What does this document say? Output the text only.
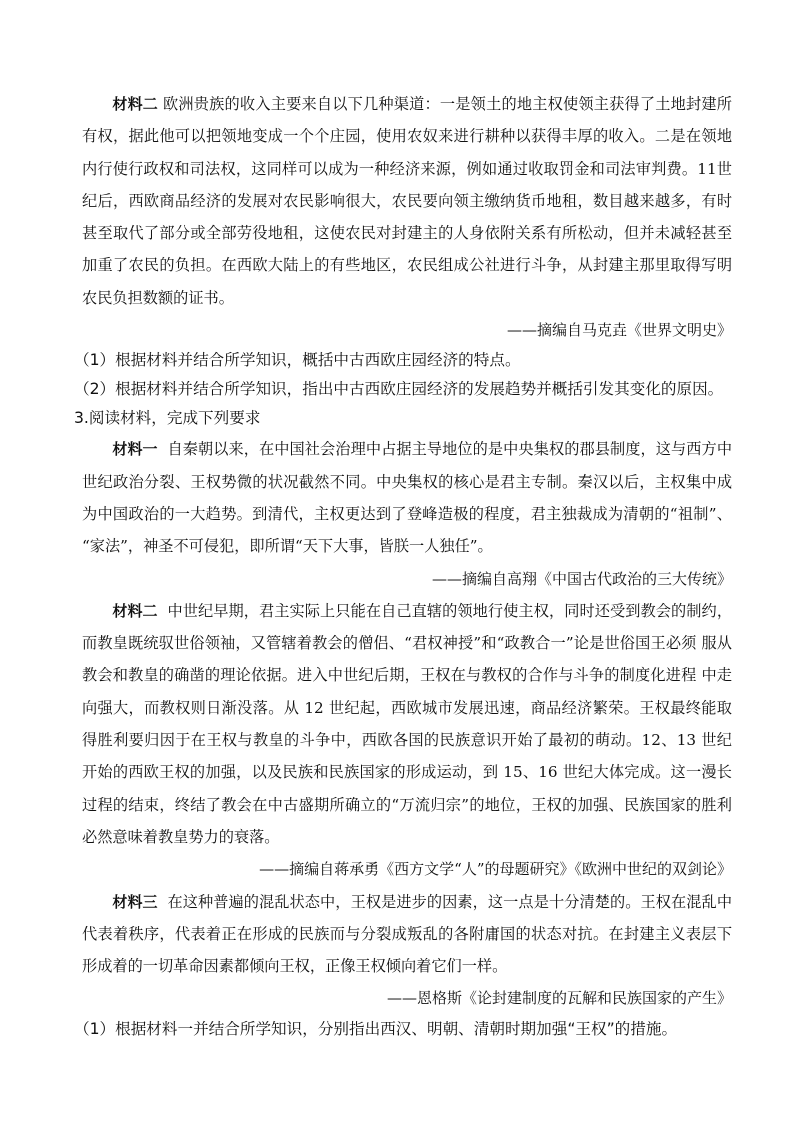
材料二 欧洲贵族的收入主要来自以下几种渠道：一是领土的地主权使领主获得了土地封建所有权，据此他可以把领地变成一个个庄园，使用农奴来进行耕种以获得丰厚的收入。二是在领地内行使行政权和司法权，这同样可以成为一种经济来源，例如通过收取罚金和司法审判费。11世纪后，西欧商品经济的发展对农民影响很大，农民要向领主缴纳货币地租，数目越来越多，有时甚至取代了部分或全部劳役地租，这使农民对封建主的人身依附关系有所松动，但并未减轻甚至加重了农民的负担。在西欧大陆上的有些地区，农民组成公社进行斗争，从封建主那里取得写明农民负担数额的证书。

——摘编自马克垚《世界文明史》

（1）根据材料并结合所学知识，概括中古西欧庄园经济的特点。

（2）根据材料并结合所学知识，指出中古西欧庄园经济的发展趋势并概括引发其变化的原因。

3.阅读材料，完成下列要求

材料一 自秦朝以来，在中国社会治理中占据主导地位的是中央集权的郡县制度，这与西方中 世纪政治分裂、王权势微的状况截然不同。中央集权的核心是君主专制。秦汉以后，主权集中成 为中国政治的一大趋势。到清代，主权更达到了登峰造极的程度，君主独裁成为清朝的“祖制”、 “家法”，神圣不可侵犯，即所谓“天下大事，皆朕一人独任”。

——摘编自高翔《中国古代政治的三大传统》

材料二 中世纪早期，君主实际上只能在自己直辖的领地行使主权，同时还受到教会的制约， 而教皇既统驭世俗领袖，又管辖着教会的僧侣、“君权神授”和“政教合一”论是世俗国王必须 服从教会和教皇的确凿的理论依据。进入中世纪后期，王权在与教权的合作与斗争的制度化进程 中走向强大，而教权则日渐没落。从 12 世纪起，西欧城市发展迅速，商品经济繁荣。王权最终能取得胜利要归因于在王权与教皇的斗争中，西欧各国的民族意识开始了最初的萌动。12、13 世纪开始的西欧王权的加强，以及民族和民族国家的形成运动，到 15、16 世纪大体完成。这一漫长过程的结束，终结了教会在中古盛期所确立的“万流归宗”的地位，王权的加强、民族国家的胜利必然意味着教皇势力的衰落。

——摘编自蒋承勇《西方文学“人”的母题研究》《欧洲中世纪的双剑论》

材料三 在这种普遍的混乱状态中，王权是进步的因素，这一点是十分清楚的。王权在混乱中代表着秩序，代表着正在形成的民族而与分裂成叛乱的各附庸国的状态对抗。在封建主义表层下形成着的一切革命因素都倾向王权，正像王权倾向着它们一样。

——恩格斯《论封建制度的瓦解和民族国家的产生》

（1）根据材料一并结合所学知识，分别指出西汉、明朝、清朝时期加强“王权”的措施。
